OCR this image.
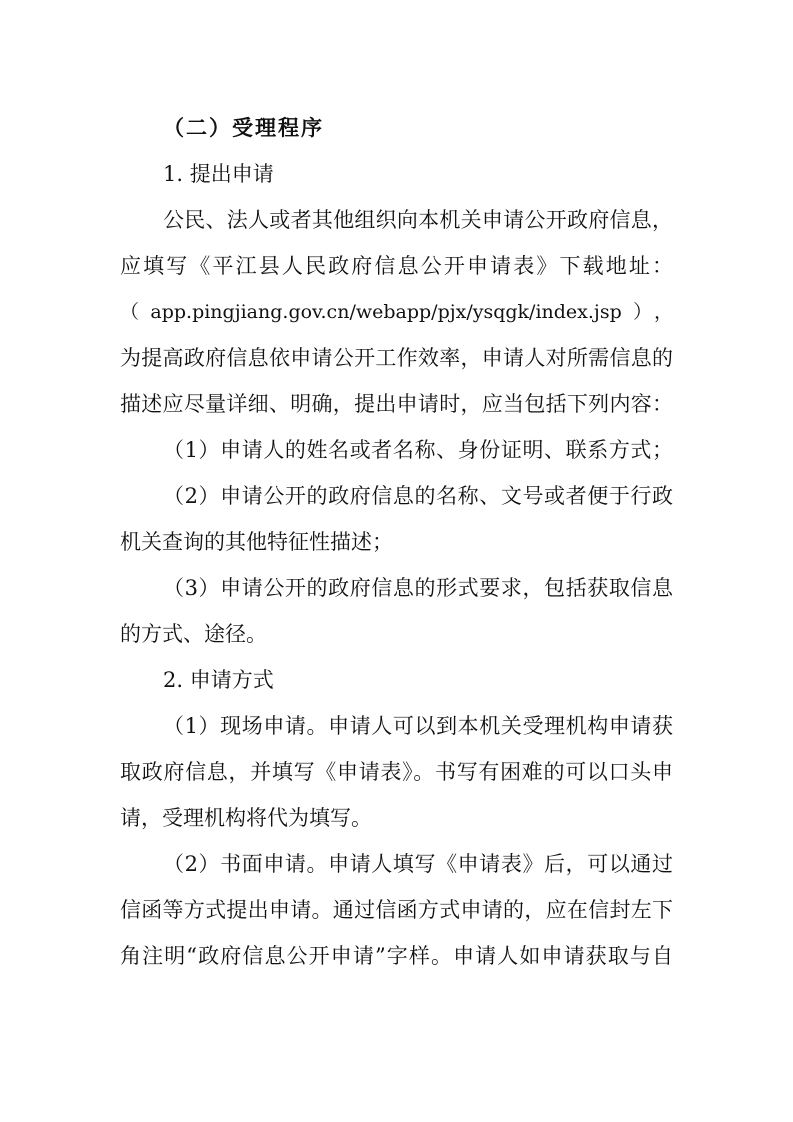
（二）受理程序
1. 提出申请
公民、法人或者其他组织向本机关申请公开政府信息，
应填写《平江县人民政府信息公开申请表》下载地址：
（app.pingjiang.gov.cn/webapp/pjx/ysqgk/index.jsp），
为提高政府信息依申请公开工作效率，申请人对所需信息的
描述应尽量详细、明确，提出申请时，应当包括下列内容：
（1）申请人的姓名或者名称、身份证明、联系方式；
（2）申请公开的政府信息的名称、文号或者便于行政
机关查询的其他特征性描述；
（3）申请公开的政府信息的形式要求，包括获取信息
的方式、途径。
2. 申请方式
（1）现场申请。申请人可以到本机关受理机构申请获
取政府信息，并填写《申请表》。书写有困难的可以口头申
请，受理机构将代为填写。
（2）书面申请。申请人填写《申请表》后，可以通过
信函等方式提出申请。通过信函方式申请的，应在信封左下
角注明“政府信息公开申请”字样。申请人如申请获取与自
